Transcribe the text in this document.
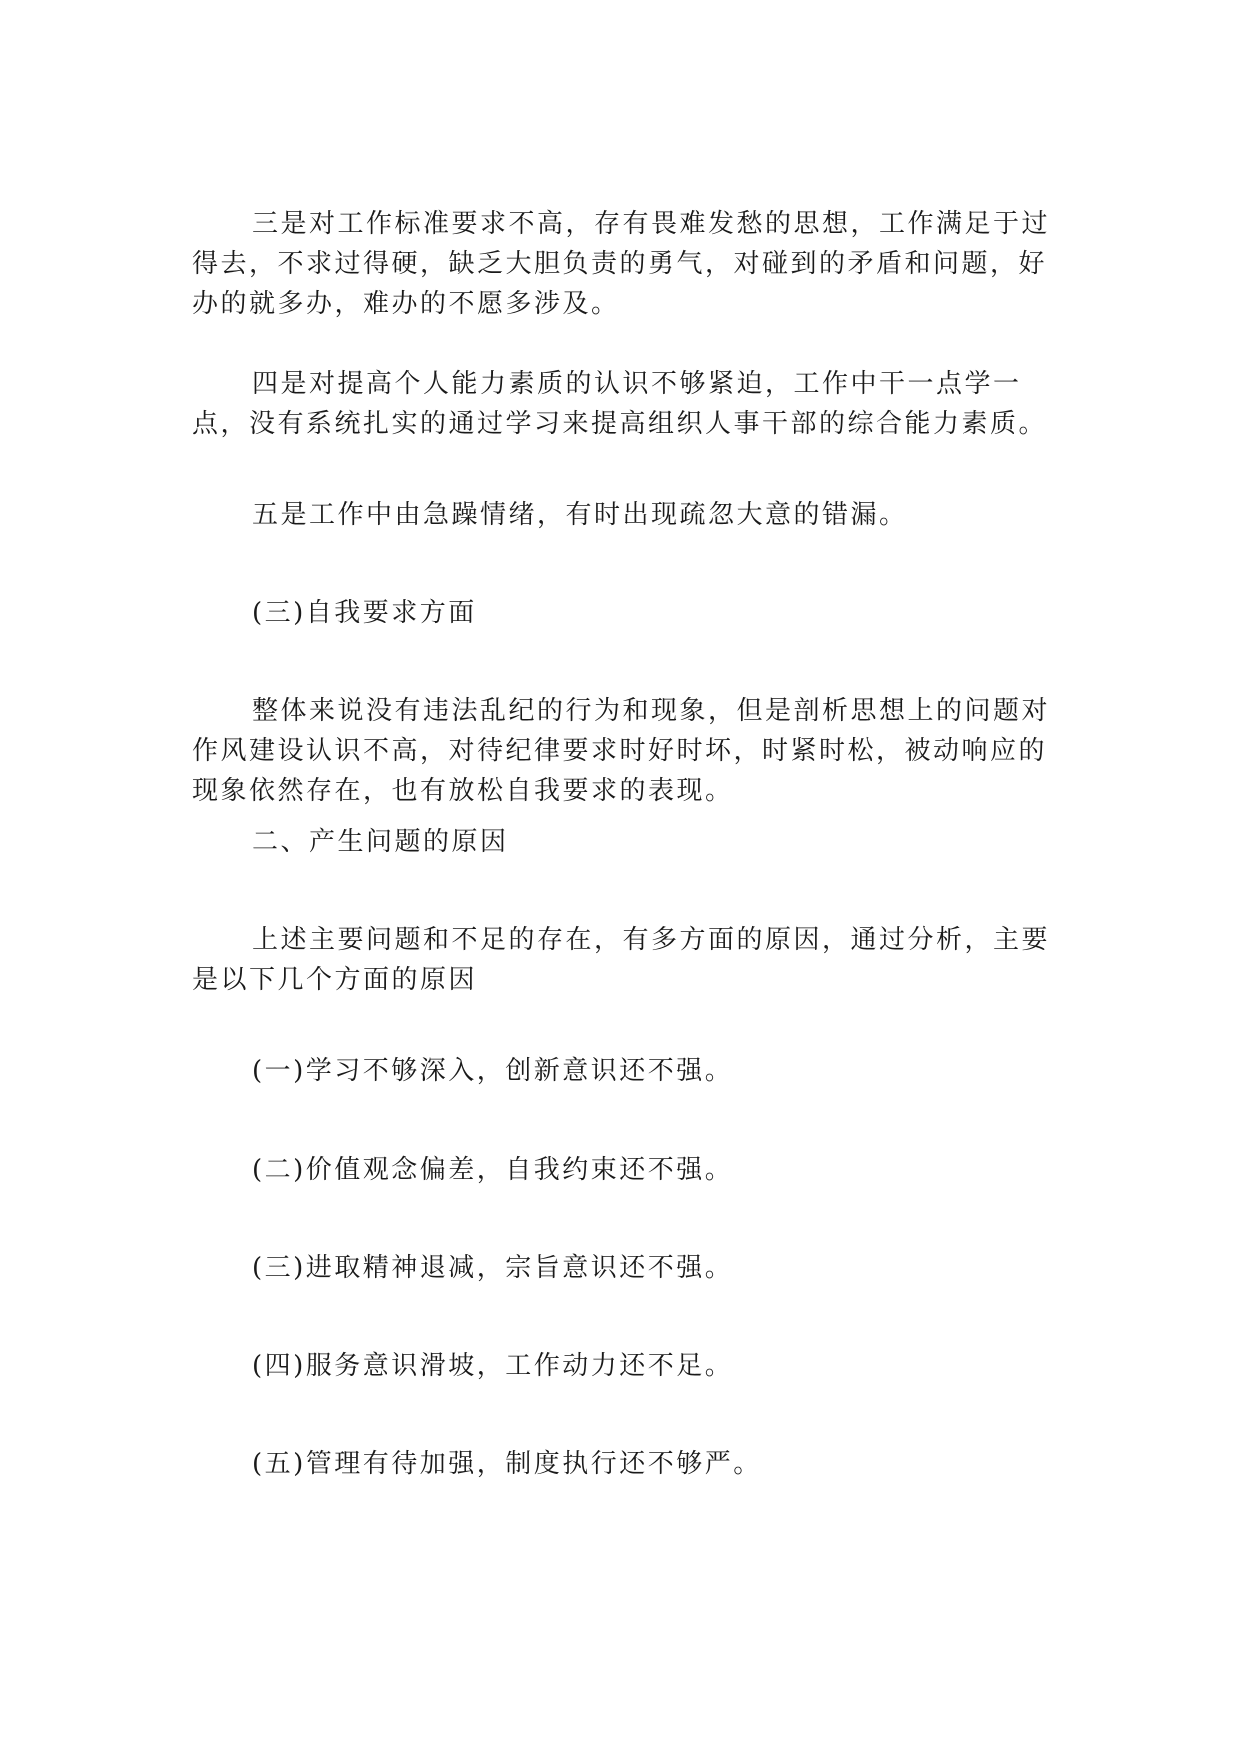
三是对工作标准要求不高，存有畏难发愁的思想，工作满足于过得去，不求过得硬，缺乏大胆负责的勇气，对碰到的矛盾和问题，好办的就多办，难办的不愿多涉及。

四是对提高个人能力素质的认识不够紧迫，工作中干一点学一点，没有系统扎实的通过学习来提高组织人事干部的综合能力素质。

五是工作中由急躁情绪，有时出现疏忽大意的错漏。

(三)自我要求方面

整体来说没有违法乱纪的行为和现象，但是剖析思想上的问题对作风建设认识不高，对待纪律要求时好时坏，时紧时松，被动响应的现象依然存在，也有放松自我要求的表现。

二、产生问题的原因

上述主要问题和不足的存在，有多方面的原因，通过分析，主要是以下几个方面的原因

(一)学习不够深入，创新意识还不强。

(二)价值观念偏差，自我约束还不强。

(三)进取精神退减，宗旨意识还不强。

(四)服务意识滑坡，工作动力还不足。

(五)管理有待加强，制度执行还不够严。
